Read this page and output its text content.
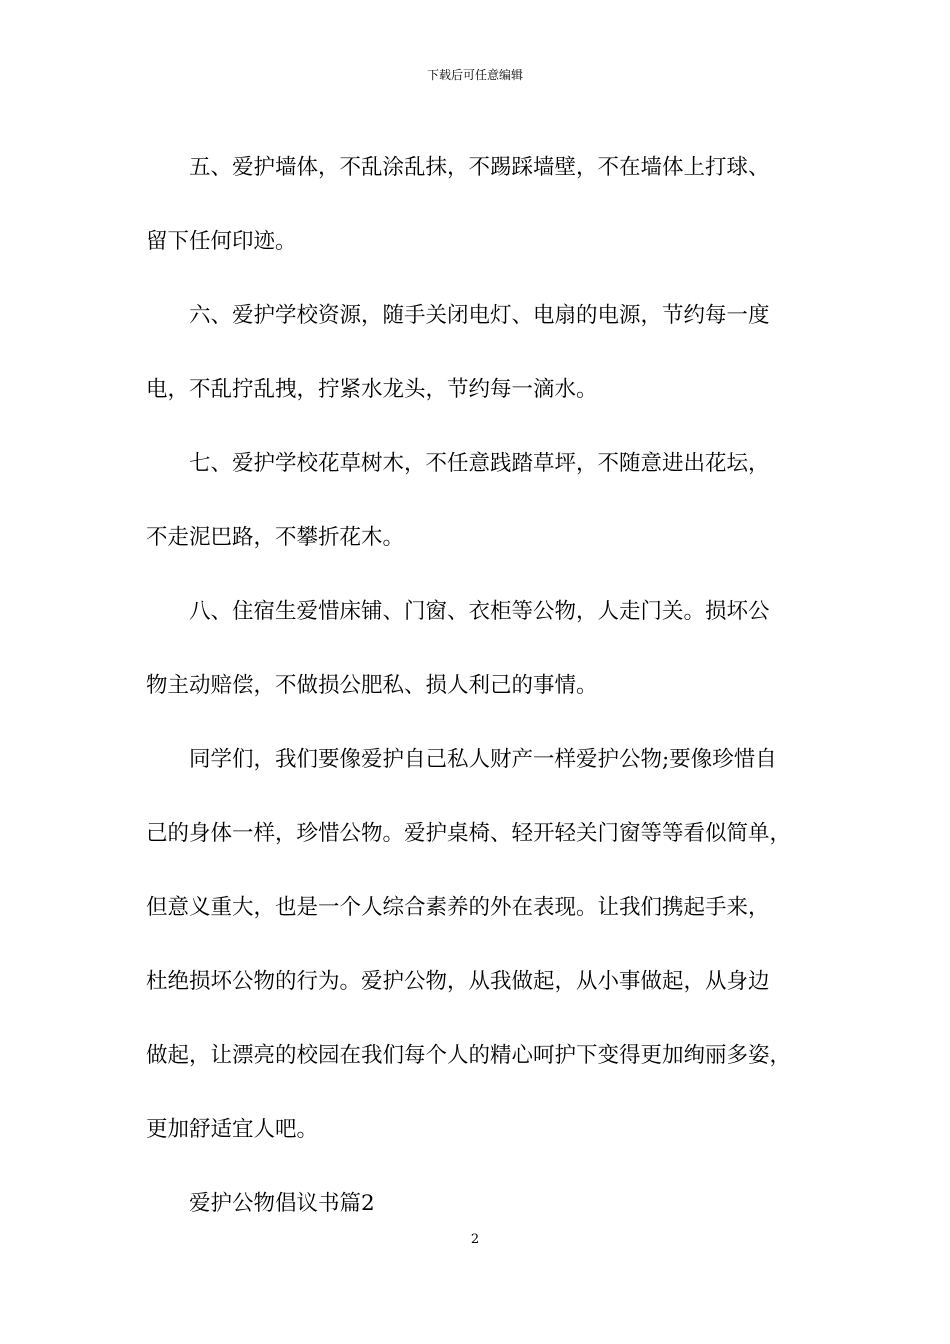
下载后可任意编辑
五、爱护墙体，不乱涂乱抹，不踢踩墙壁，不在墙体上打球、
留下任何印迹。
六、爱护学校资源，随手关闭电灯、电扇的电源，节约每一度
电，不乱拧乱拽，拧紧水龙头，节约每一滴水。
七、爱护学校花草树木，不任意践踏草坪，不随意进出花坛，
不走泥巴路，不攀折花木。
八、住宿生爱惜床铺、门窗、衣柜等公物，人走门关。损坏公
物主动赔偿，不做损公肥私、损人利己的事情。
同学们，我们要像爱护自己私人财产一样爱护公物;要像珍惜自
己的身体一样，珍惜公物。爱护桌椅、轻开轻关门窗等等看似简单，
但意义重大，也是一个人综合素养的外在表现。让我们携起手来，
杜绝损坏公物的行为。爱护公物，从我做起，从小事做起，从身边
做起，让漂亮的校园在我们每个人的精心呵护下变得更加绚丽多姿，
更加舒适宜人吧。
爱护公物倡议书篇2
2
